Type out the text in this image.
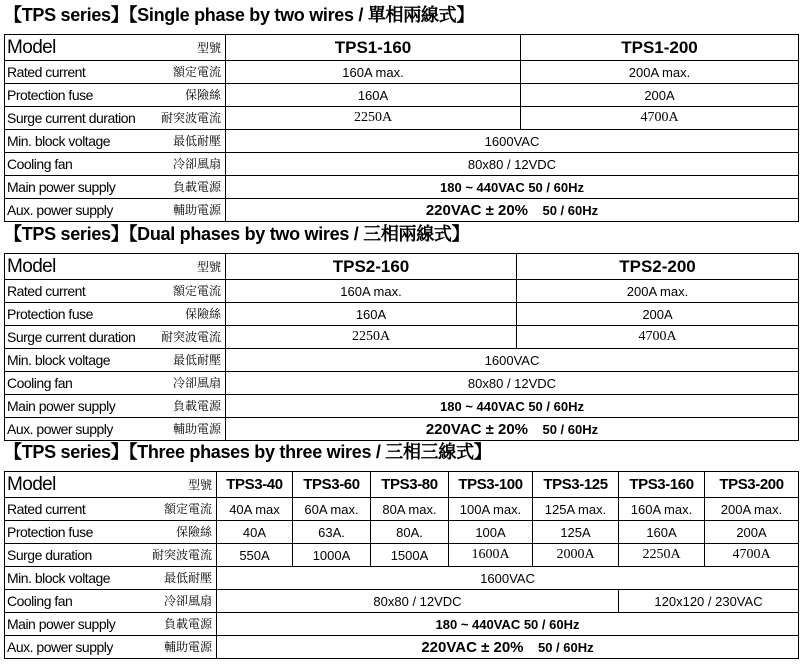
【TPS series】【Single phase by two wires / 單相兩線式】
Model 型號	TPS1-160	TPS1-200
Rated current 額定電流	160A max.	200A max.
Protection fuse 保險絲	160A	200A
Surge current duration 耐突波電流	2250A	4700A
Min. block voltage 最低耐壓	1600VAC	
Cooling fan 冷卻風扇	80x80 / 12VDC	
Main power supply 負載電源	180 ~ 440VAC 50 / 60Hz	
Aux. power supply 輔助電源	220VAC ± 20% 50 / 60Hz	
【TPS series】【Dual phases by two wires / 三相兩線式】
Model 型號	TPS2-160	TPS2-200
Rated current 額定電流	160A max.	200A max.
Protection fuse 保險絲	160A	200A
Surge current duration 耐突波電流	2250A	4700A
Min. block voltage 最低耐壓	1600VAC	
Cooling fan 冷卻風扇	80x80 / 12VDC	
Main power supply 負載電源	180 ~ 440VAC 50 / 60Hz	
Aux. power supply 輔助電源	220VAC ± 20% 50 / 60Hz	
【TPS series】【Three phases by three wires / 三相三線式】
Model 型號	TPS3-40	TPS3-60	TPS3-80	TPS3-100	TPS3-125	TPS3-160	TPS3-200
Rated current 額定電流	40A max	60A max.	80A max.	100A max.	125A max.	160A max.	200A max.
Protection fuse 保險絲	40A	63A.	80A.	100A	125A	160A	200A
Surge duration 耐突波電流	550A	1000A	1500A	1600A	2000A	2250A	4700A
Min. block voltage 最低耐壓	1600VAC						
Cooling fan 冷卻風扇	80x80 / 12VDC					120x120 / 230VAC	
Main power supply 負載電源	180 ~ 440VAC 50 / 60Hz						
Aux. power supply 輔助電源	220VAC ± 20% 50 / 60Hz						
